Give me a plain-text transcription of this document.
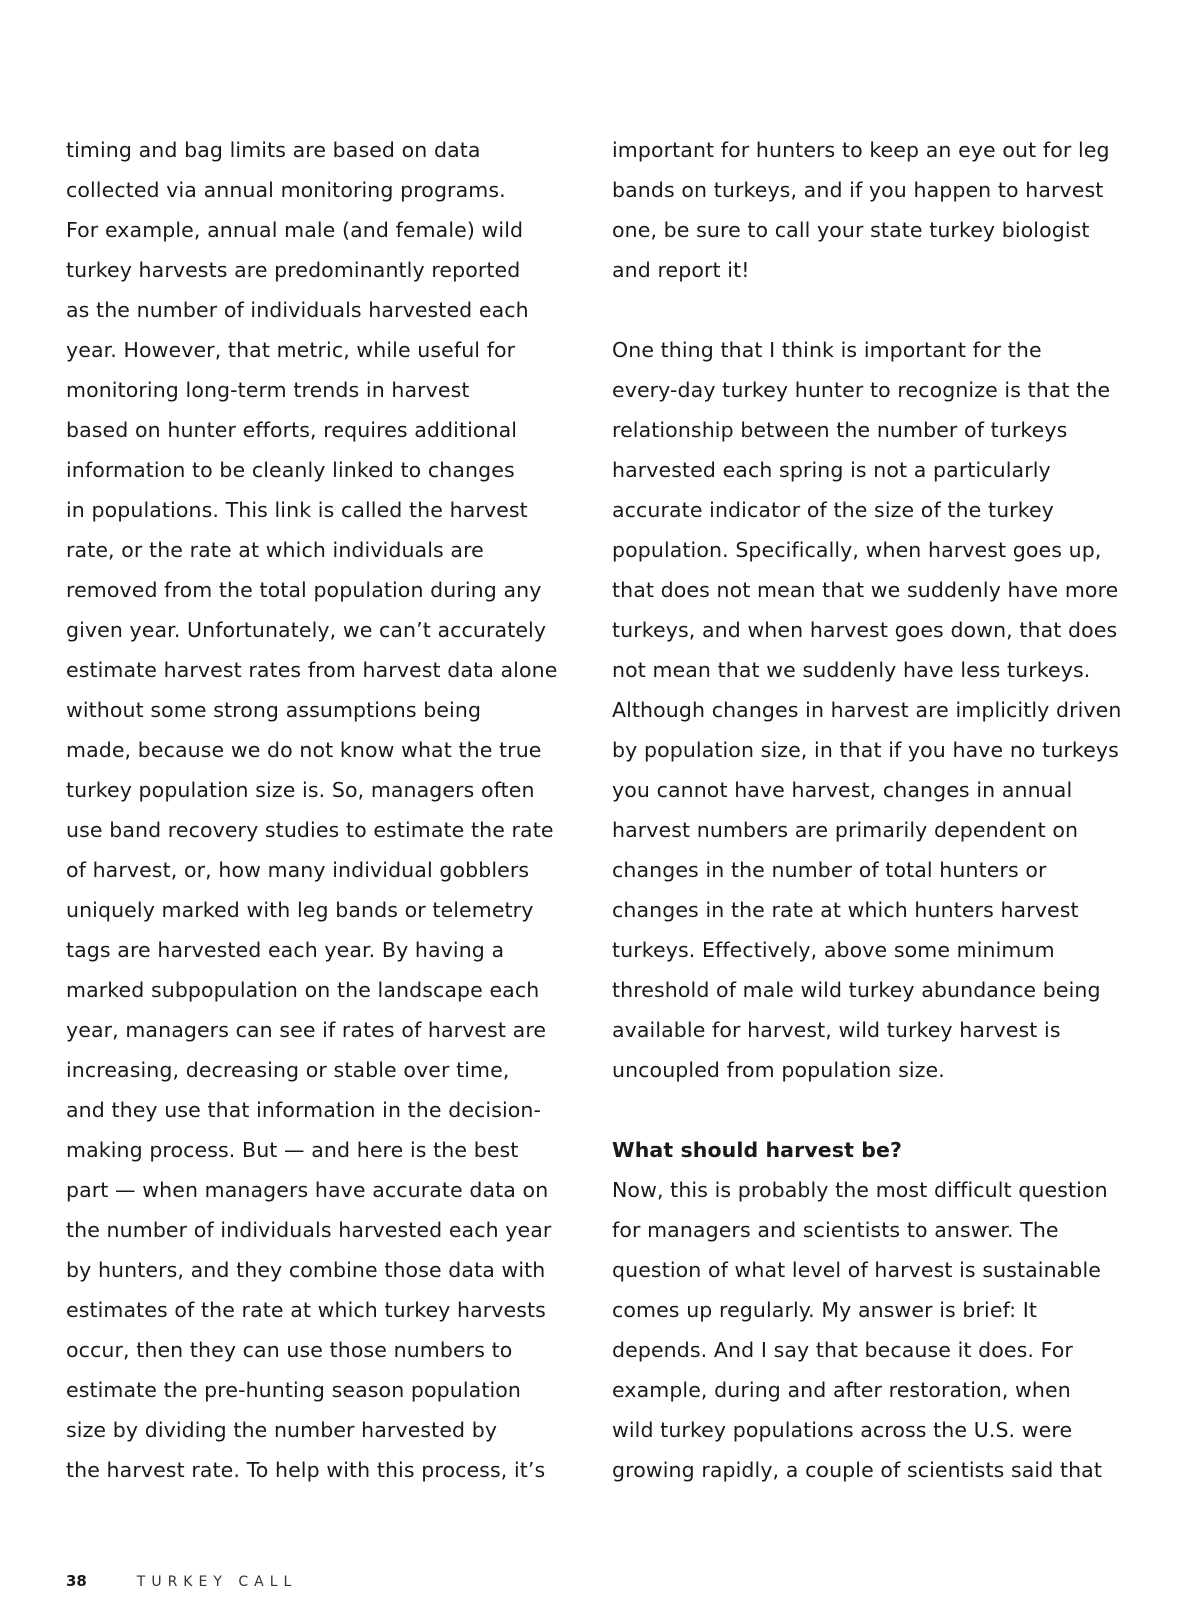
timing and bag limits are based on data
collected via annual monitoring programs.
For example, annual male (and female) wild
turkey harvests are predominantly reported
as the number of individuals harvested each
year. However, that metric, while useful for
monitoring long-term trends in harvest
based on hunter efforts, requires additional
information to be cleanly linked to changes
in populations. This link is called the harvest
rate, or the rate at which individuals are
removed from the total population during any
given year. Unfortunately, we can’t accurately
estimate harvest rates from harvest data alone
without some strong assumptions being
made, because we do not know what the true
turkey population size is. So, managers often
use band recovery studies to estimate the rate
of harvest, or, how many individual gobblers
uniquely marked with leg bands or telemetry
tags are harvested each year. By having a
marked subpopulation on the landscape each
year, managers can see if rates of harvest are
increasing, decreasing or stable over time,
and they use that information in the decision-
making process. But — and here is the best
part — when managers have accurate data on
the number of individuals harvested each year
by hunters, and they combine those data with
estimates of the rate at which turkey harvests
occur, then they can use those numbers to
estimate the pre-hunting season population
size by dividing the number harvested by
the harvest rate. To help with this process, it’s
important for hunters to keep an eye out for leg
bands on turkeys, and if you happen to harvest
one, be sure to call your state turkey biologist
and report it!
One thing that I think is important for the
every-day turkey hunter to recognize is that the
relationship between the number of turkeys
harvested each spring is not a particularly
accurate indicator of the size of the turkey
population. Specifically, when harvest goes up,
that does not mean that we suddenly have more
turkeys, and when harvest goes down, that does
not mean that we suddenly have less turkeys.
Although changes in harvest are implicitly driven
by population size, in that if you have no turkeys
you cannot have harvest, changes in annual
harvest numbers are primarily dependent on
changes in the number of total hunters or
changes in the rate at which hunters harvest
turkeys. Effectively, above some minimum
threshold of male wild turkey abundance being
available for harvest, wild turkey harvest is
uncoupled from population size.
What should harvest be?
Now, this is probably the most difficult question
for managers and scientists to answer. The
question of what level of harvest is sustainable
comes up regularly. My answer is brief: It
depends. And I say that because it does. For
example, during and after restoration, when
wild turkey populations across the U.S. were
growing rapidly, a couple of scientists said that
38	TURKEY CALL
